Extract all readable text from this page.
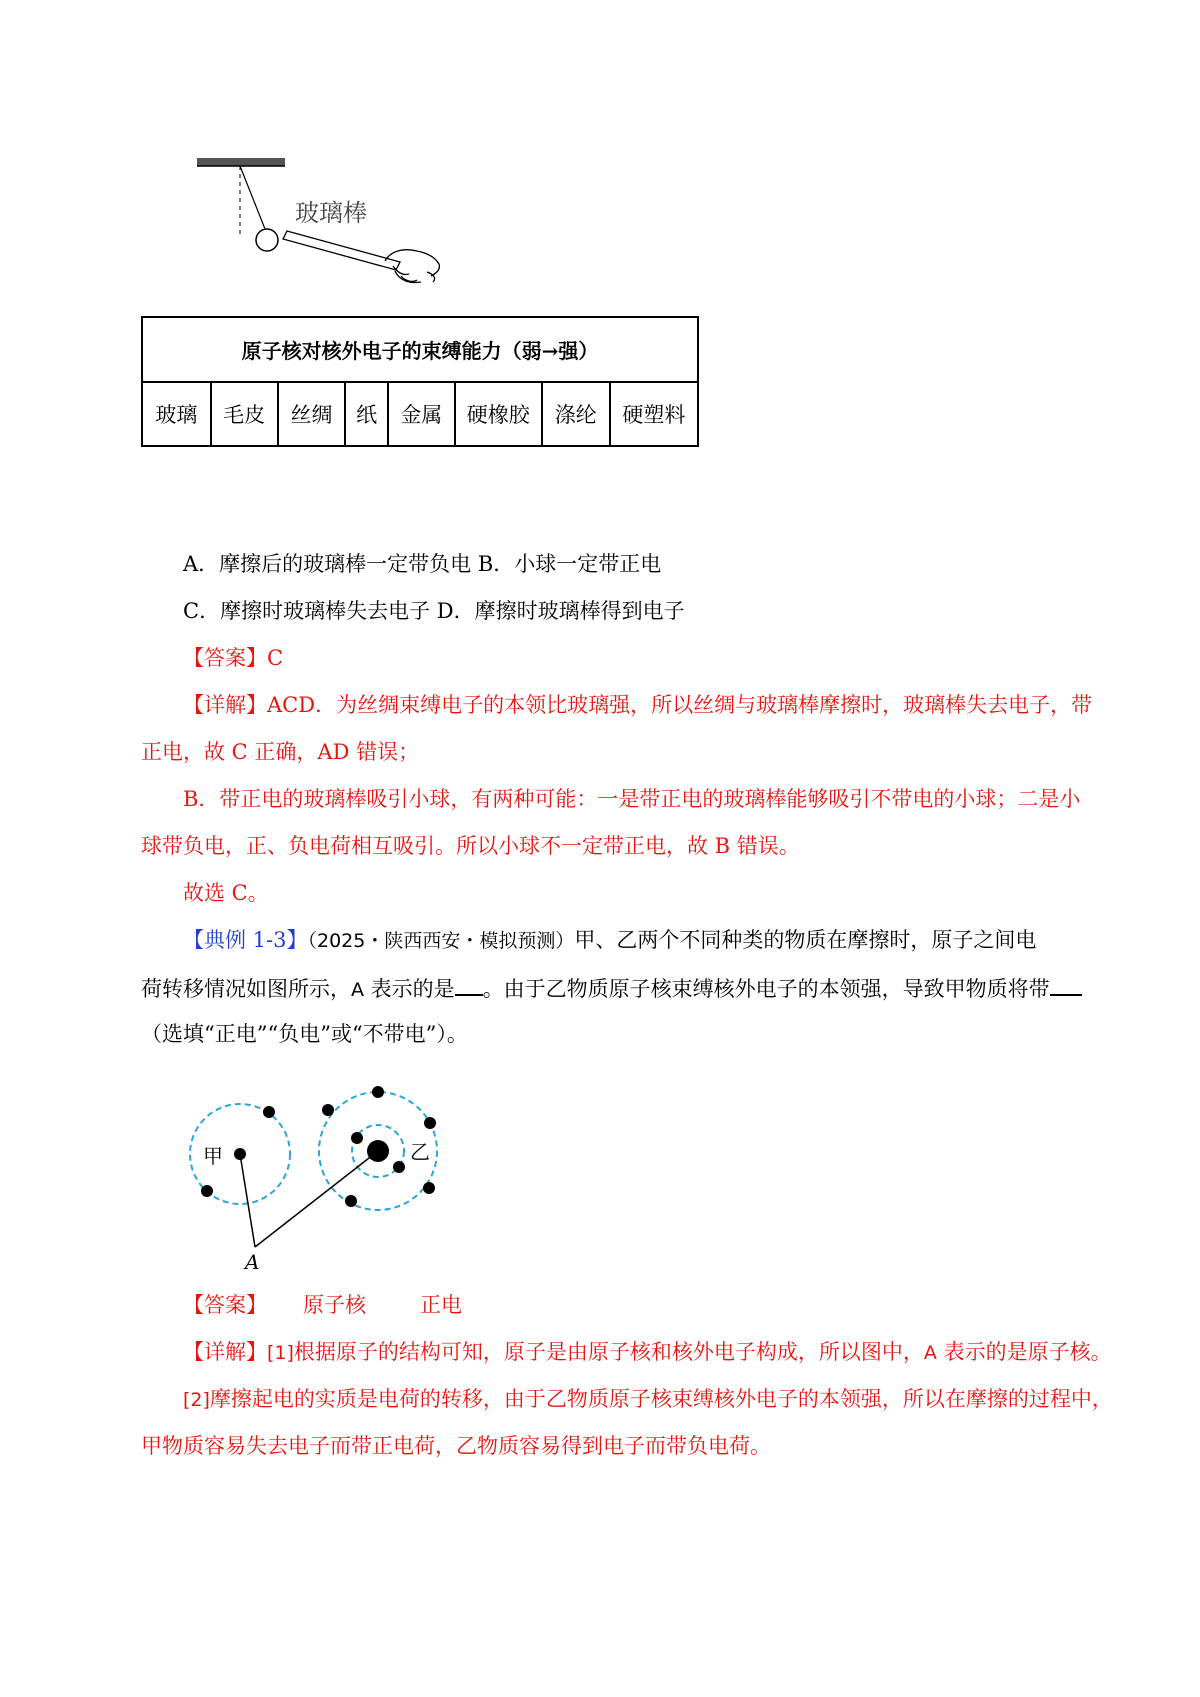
玻璃棒
原子核对核外电子的束缚能力（弱→强）
玻璃	毛皮	丝绸	纸	金属	硬橡胶	涤纶	硬塑料
A．摩擦后的玻璃棒一定带负电 B．小球一定带正电
C．摩擦时玻璃棒失去电子 D．摩擦时玻璃棒得到电子
【答案】C
【详解】ACD．为丝绸束缚电子的本领比玻璃强，所以丝绸与玻璃棒摩擦时，玻璃棒失去电子，带
正电，故 C 正确，AD 错误；
B．带正电的玻璃棒吸引小球，有两种可能：一是带正电的玻璃棒能够吸引不带电的小球；二是小
球带负电，正、负电荷相互吸引。所以小球不一定带正电，故 B 错误。
故选 C。
【典例 1-3】（2025・陕西西安・模拟预测）甲、乙两个不同种类的物质在摩擦时，原子之间电
荷转移情况如图所示，A 表示的是 。由于乙物质原子核束缚核外电子的本领强，导致甲物质将带
（选填“正电”“负电”或“不带电”）。
甲	乙
A
【答案】 原子核	正电
【详解】[1]根据原子的结构可知，原子是由原子核和核外电子构成，所以图中，A 表示的是原子核。
[2]摩擦起电的实质是电荷的转移，由于乙物质原子核束缚核外电子的本领强，所以在摩擦的过程中，
甲物质容易失去电子而带正电荷，乙物质容易得到电子而带负电荷。
